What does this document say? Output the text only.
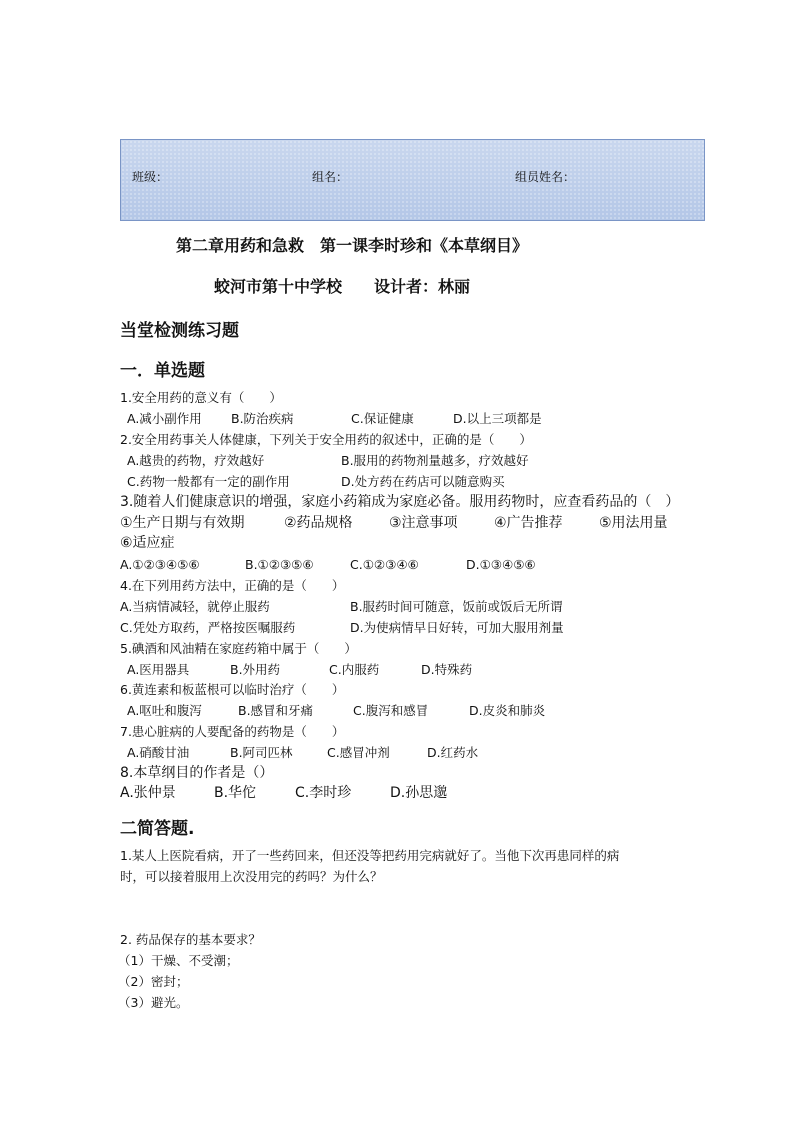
班级：	组名：	组员姓名：
第二章用药和急救　第一课李时珍和《本草纲目》
蛟河市第十中学校　　设计者：林丽
当堂检测练习题
一．单选题
1.安全用药的意义有（　　）
A.减小副作用 B.防治疾病	C.保证健康	D.以上三项都是
2.安全用药事关人体健康，下列关于安全用药的叙述中，正确的是（　　）
A.越贵的药物，疗效越好	B.服用的药物剂量越多，疗效越好
C.药物一般都有一定的副作用	D.处方药在药店可以随意购买
3.随着人们健康意识的增强，家庭小药箱成为家庭必备。服用药物时，应查看药品的（　）
①生产日期与有效期	②药品规格	③注意事项	④广告推荐	⑤用法用量
⑥适应症
A.①②③④⑤⑥	B.①②③⑤⑥	C.①②③④⑥	D.①③④⑤⑥
4.在下列用药方法中，正确的是（　　）
A.当病情减轻，就停止服药	B.服药时间可随意，饭前或饭后无所谓
C.凭处方取药，严格按医嘱服药	D.为使病情早日好转，可加大服用剂量
5.碘酒和风油精在家庭药箱中属于（　　）
A.医用器具	B.外用药	C.内服药	D.特殊药
6.黄连素和板蓝根可以临时治疗（　　）
A.呕吐和腹泻	B.感冒和牙痛	C.腹泻和感冒	D.皮炎和肺炎
7.患心脏病的人要配备的药物是（　　）
A.硝酸甘油	B.阿司匹林	C.感冒冲剂	D.红药水
8.本草纲目的作者是（）
A.张仲景	B.华佗	C.李时珍	D.孙思邈
二简答题.
1.某人上医院看病，开了一些药回来，但还没等把药用完病就好了。当他下次再患同样的病
时，可以接着服用上次没用完的药吗？为什么？
2. 药品保存的基本要求？
（1）干燥、不受潮；
（2）密封；
（3）避光。
